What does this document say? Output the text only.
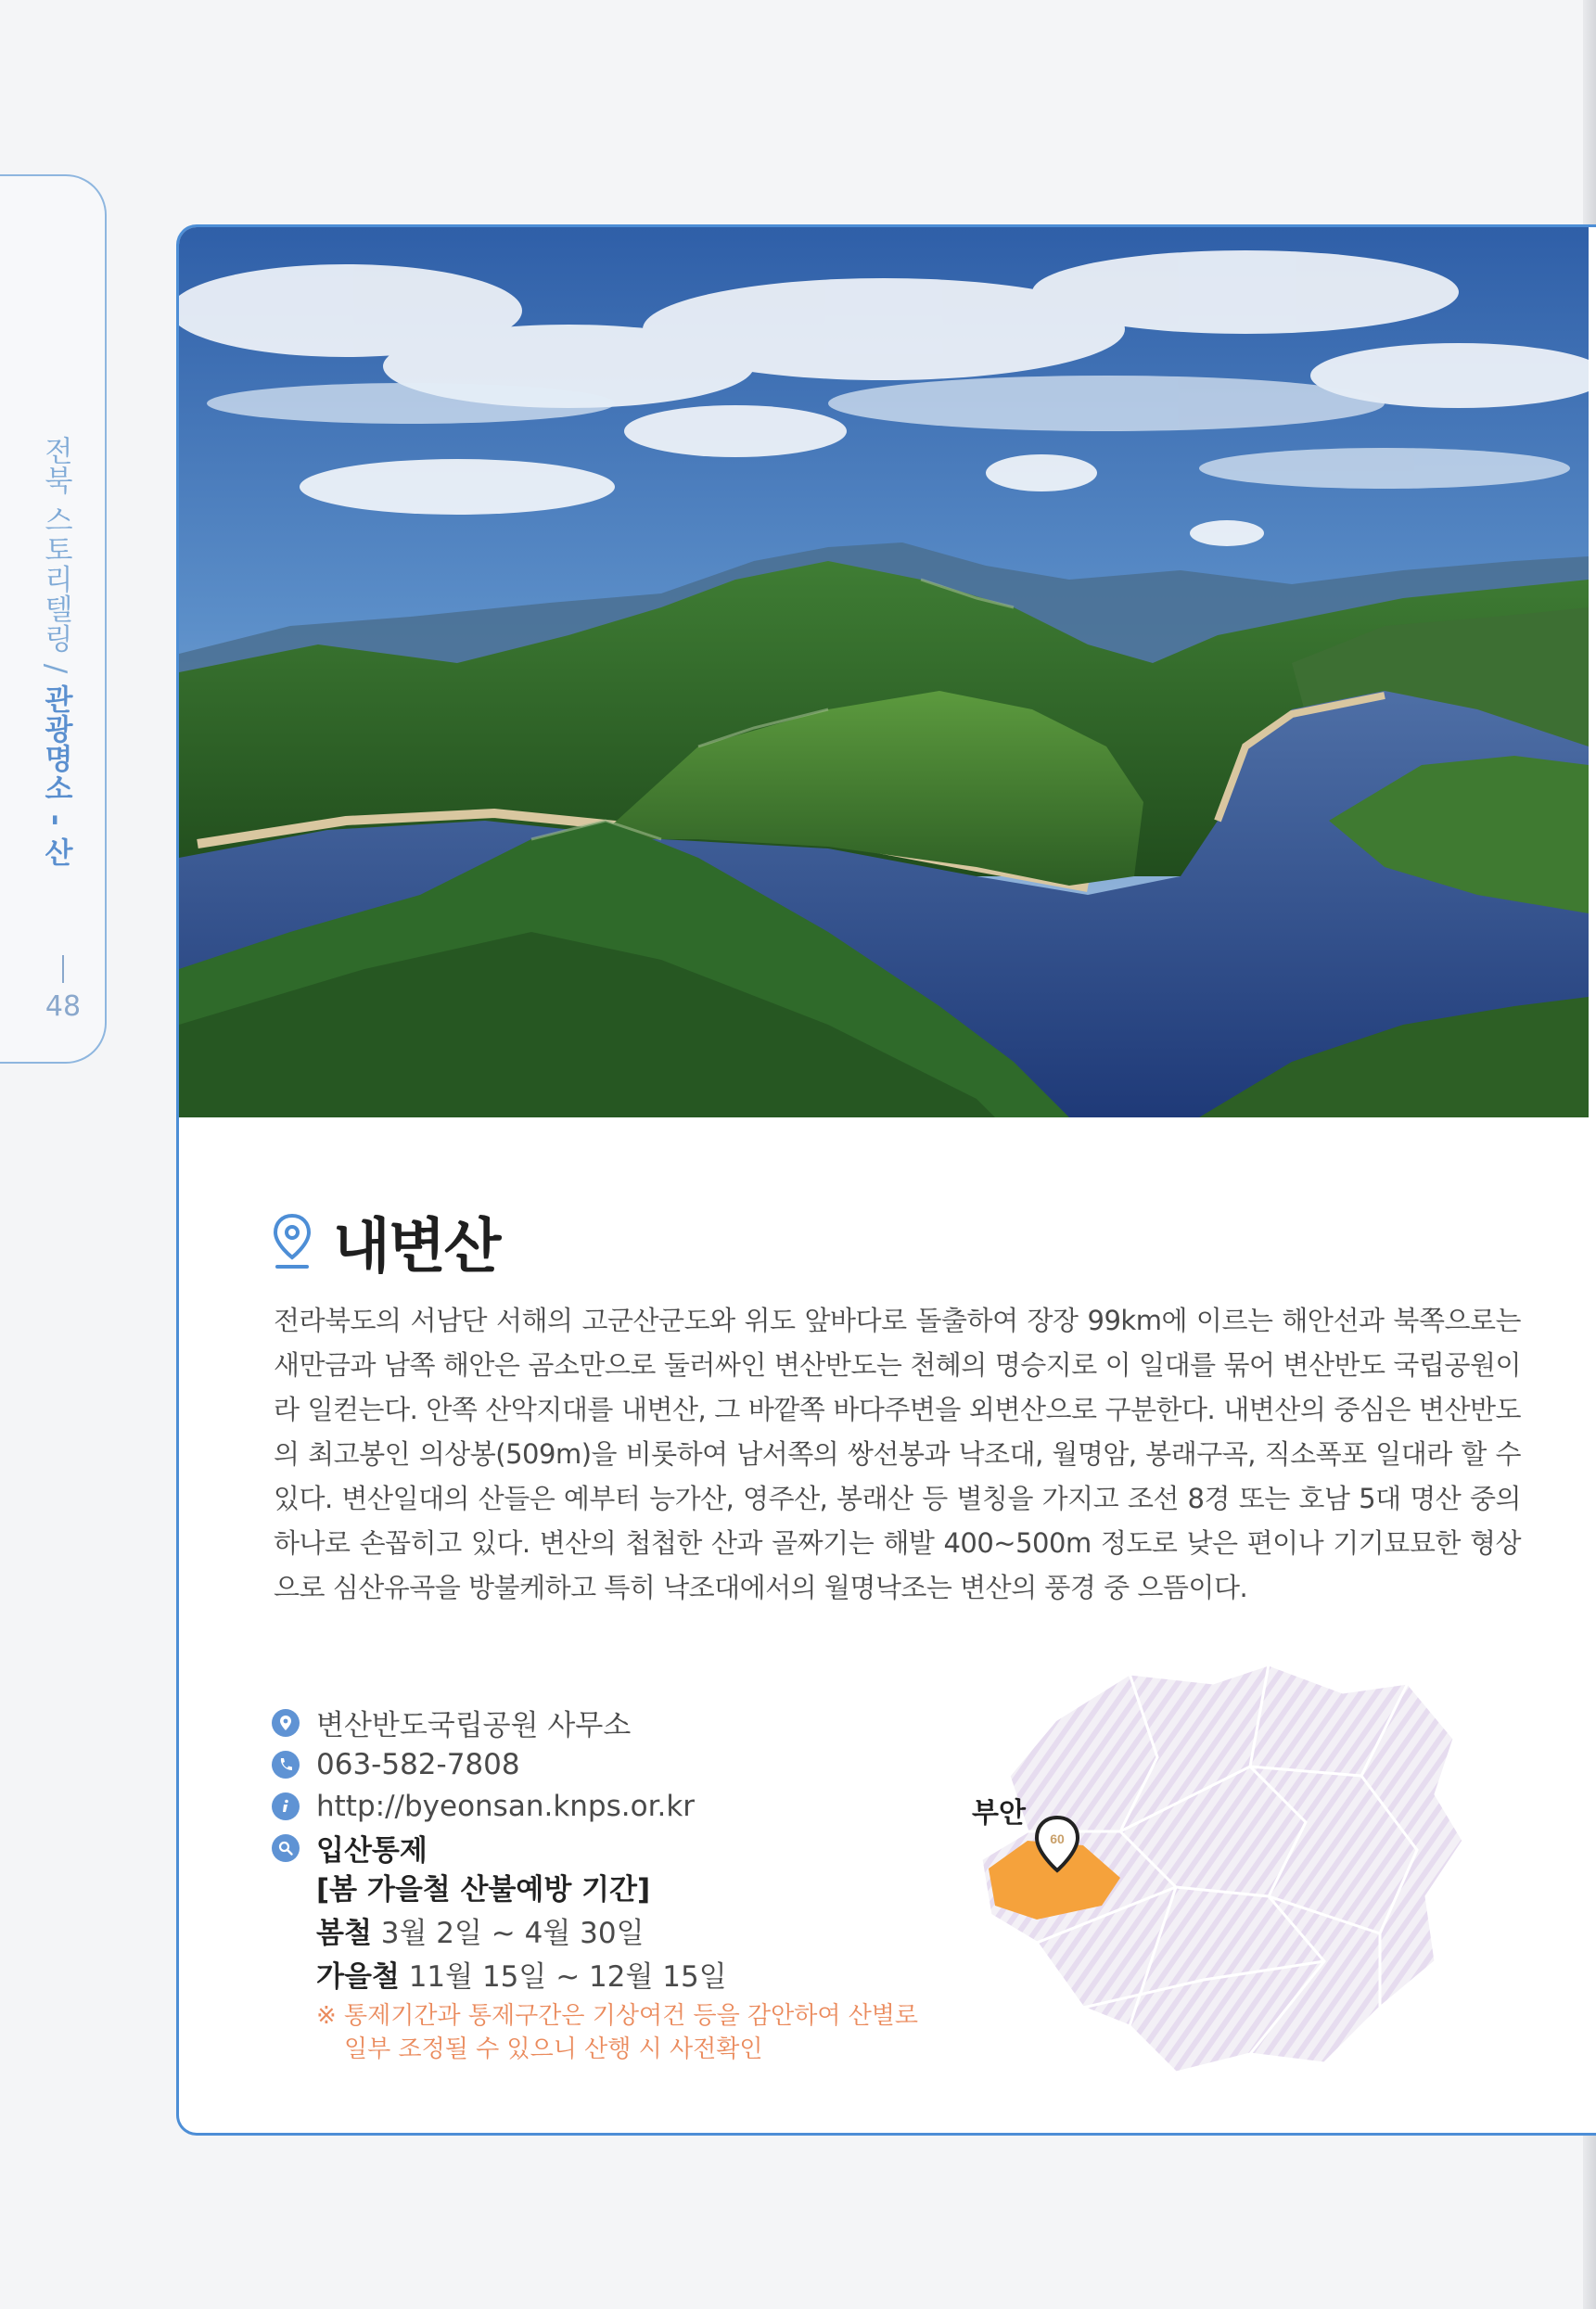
전북 스토리텔링 / 관광명소 - 산
48
내변산
전라북도의 서남단 서해의 고군산군도와 위도 앞바다로 돌출하여 장장 99km에 이르는 해안선과 북쪽으로는 새만금과 남쪽 해안은 곰소만으로 둘러싸인 변산반도는 천혜의 명승지로 이 일대를 묶어 변산반도 국립공원이라 일컫는다. 안쪽 산악지대를 내변산, 그 바깥쪽 바다주변을 외변산으로 구분한다. 내변산의 중심은 변산반도의 최고봉인 의상봉(509m)을 비롯하여 남서쪽의 쌍선봉과 낙조대, 월명암, 봉래구곡, 직소폭포 일대라 할 수 있다. 변산일대의 산들은 예부터 능가산, 영주산, 봉래산 등 별칭을 가지고 조선 8경 또는 호남 5대 명산 중의 하나로 손꼽히고 있다. 변산의 첩첩한 산과 골짜기는 해발 400~500m 정도로 낮은 편이나 기기묘묘한 형상으로 심산유곡을 방불케하고 특히 낙조대에서의 월명낙조는 변산의 풍경 중 으뜸이다.
변산반도국립공원 사무소
063-582-7808
http://byeonsan.knps.or.kr
입산통제
[봄 가을철 산불예방 기간]
봄철 3월 2일 ~ 4월 30일
가을철 11월 15일 ~ 12월 15일
※ 통제기간과 통제구간은 기상여건 등을 감안하여 산별로
일부 조정될 수 있으니 산행 시 사전확인
60
부안
